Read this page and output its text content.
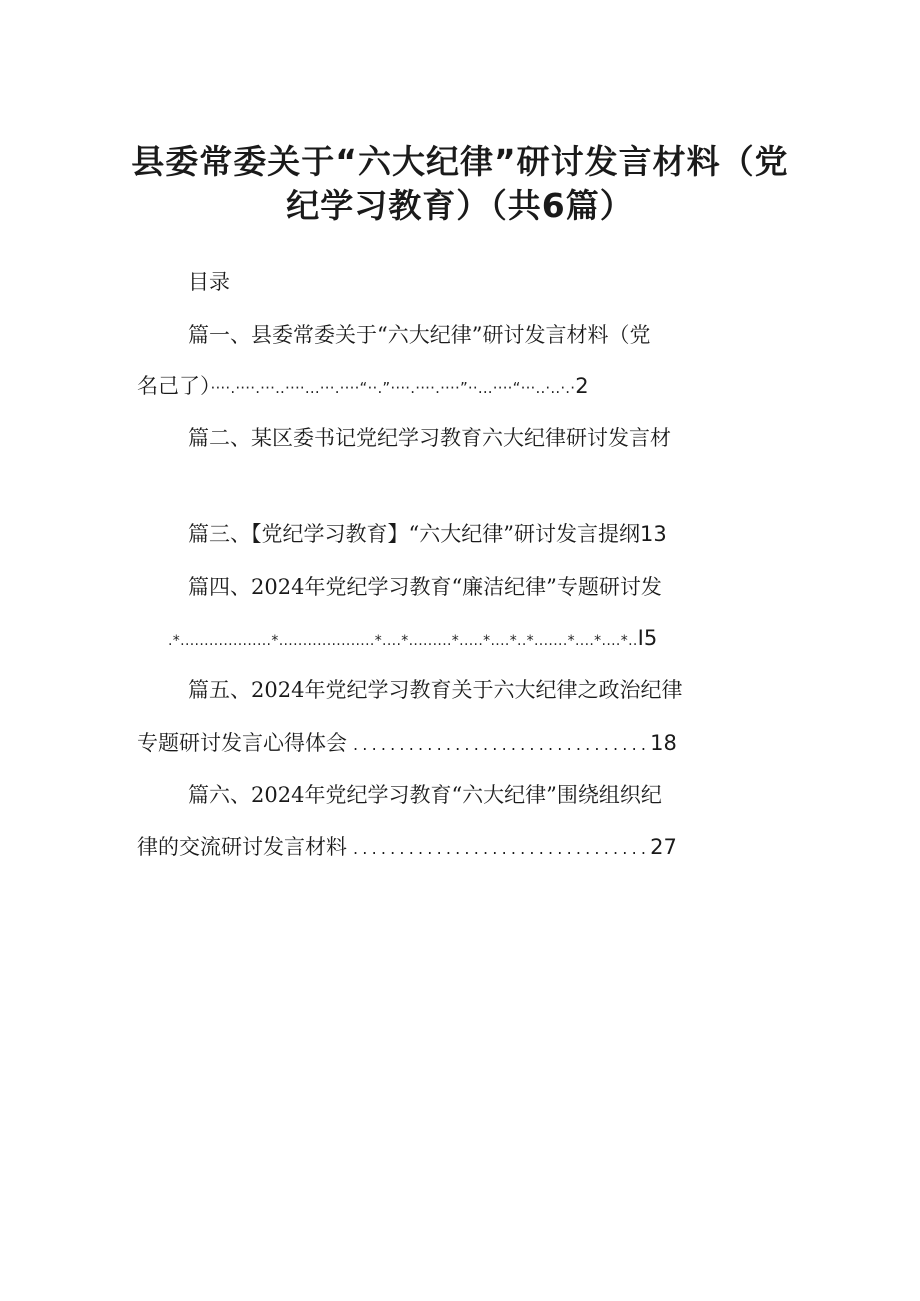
县委常委关于“六大纪律”研讨发言材料（党
纪学习教育）（共6篇）
目录
篇一、县委常委关于“六大纪律”研讨发言材料（党
名己了）····.····.···..····...···.····“··.”····.····.····”··...····“···..·..·.·2
篇二、某区委书记党纪学习教育六大纪律研讨发言材
篇三、【党纪学习教育】“六大纪律”研讨发言提纲13
篇四、2024年党纪学习教育“廉洁纪律”专题研讨发
.*...................*....................*....*.........*.....*....*..*.......*....*....*..I5
篇五、2024年党纪学习教育关于六大纪律之政治纪律
专题研讨发言心得体会 ................................18
篇六、2024年党纪学习教育“六大纪律”围绕组织纪
律的交流研讨发言材料 ................................27
